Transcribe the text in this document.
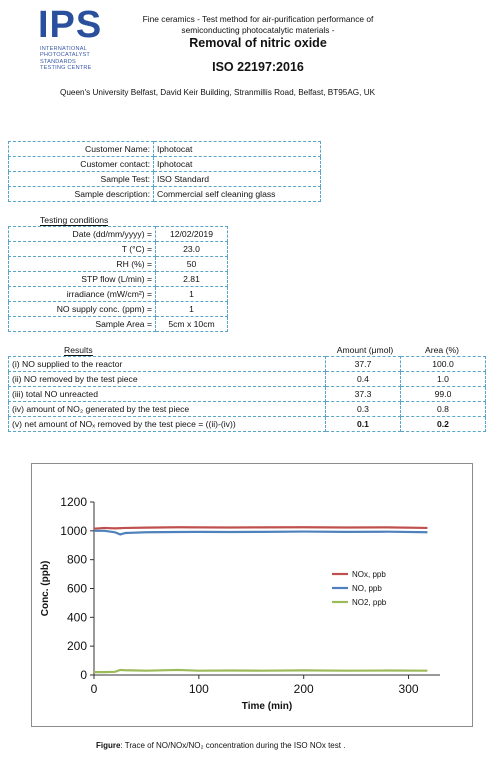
IPS
INTERNATIONAL
PHOTOCATALYST
STANDARDS
TESTING CENTRE
Fine ceramics - Test method for air-purification performance of
semiconducting photocatalytic materials -
Removal of nitric oxide
ISO 22197:2016
Queen's University Belfast, David Keir Building, Stranmillis Road, Belfast, BT95AG, UK
Customer Name:	Iphotocat
Customer contact:	Iphotocat
Sample Test:	ISO Standard
Sample description:	Commercial self cleaning glass
Testing conditions
Date (dd/mm/yyyy) =	12/02/2019
T (°C) =	23.0
RH (%) =	50
STP flow (L/min) =	2.81
irradiance (mW/cm²) =	1
NO supply conc. (ppm) =	1
Sample Area =	5cm x 10cm
Results	Amount (μmol)	Area (%)
(i) NO supplied to the reactor	37.7	100.0
(ii) NO removed by the test piece	0.4	1.0
(iii) total NO unreacted	37.3	99.0
(iv) amount of NO₂ generated by the test piece	0.3	0.8
(v) net amount of NOₓ removed by the test piece = ((ii)-(iv))	0.1	0.2
0
200
400
600
800
1000
1200
0	100	200	300
Time (min)
Conc. (ppb)	NOx, ppb
NO, ppb
NO2, ppb
Figure: Trace of NO/NOx/NO₂ concentration during the ISO NOx test .
